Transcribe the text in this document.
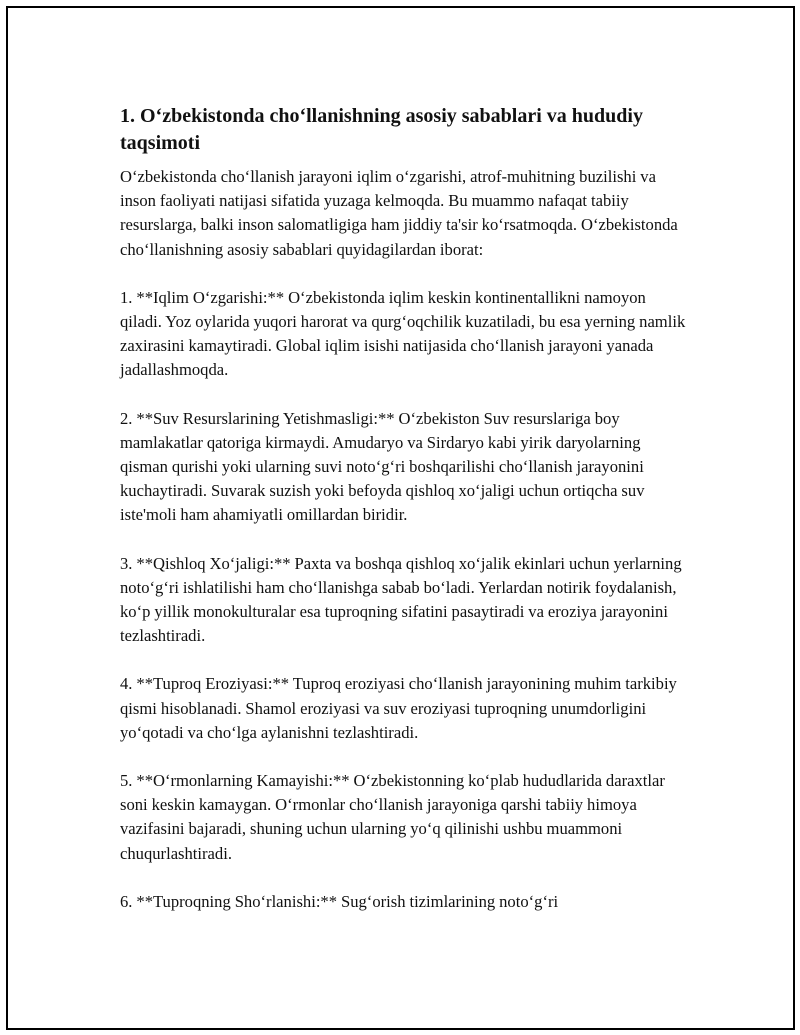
1. O‘zbekistonda cho‘llanishning asosiy sabablari va hududiy taqsimoti

O‘zbekistonda cho‘llanish jarayoni iqlim o‘zgarishi, atrof-muhitning buzilishi va inson faoliyati natijasi sifatida yuzaga kelmoqda. Bu muammo nafaqat tabiiy resurslarga, balki inson salomatligiga ham jiddiy ta'sir ko‘rsatmoqda. O‘zbekistonda cho‘llanishning asosiy sabablari quyidagilardan iborat:

1. **Iqlim O‘zgarishi:** O‘zbekistonda iqlim keskin kontinentallikni namoyon qiladi. Yoz oylarida yuqori harorat va qurg‘oqchilik kuzatiladi, bu esa yerning namlik zaxirasini kamaytiradi. Global iqlim isishi natijasida cho‘llanish jarayoni yanada jadallashmoqda.

2. **Suv Resurslarining Yetishmasligi:** O‘zbekiston Suv resurslariga boy mamlakatlar qatoriga kirmaydi. Amudaryo va Sirdaryo kabi yirik daryolarning qisman qurishi yoki ularning suvi noto‘g‘ri boshqarilishi cho‘llanish jarayonini kuchaytiradi. Suvarak suzish yoki befoyda qishloq xo‘jaligi uchun ortiqcha suv iste'moli ham ahamiyatli omillardan biridir.

3. **Qishloq Xo‘jaligi:** Paxta va boshqa qishloq xo‘jalik ekinlari uchun yerlarning noto‘g‘ri ishlatilishi ham cho‘llanishga sabab bo‘ladi. Yerlardan notirik foydalanish, ko‘p yillik monokulturalar esa tuproqning sifatini pasaytiradi va eroziya jarayonini tezlashtiradi.

4. **Tuproq Eroziyasi:** Tuproq eroziyasi cho‘llanish jarayonining muhim tarkibiy qismi hisoblanadi. Shamol eroziyasi va suv eroziyasi tuproqning unumdorligini yo‘qotadi va cho‘lga aylanishni tezlashtiradi.

5. **O‘rmonlarning Kamayishi:** O‘zbekistonning ko‘plab hududlarida daraxtlar soni keskin kamaygan. O‘rmonlar cho‘llanish jarayoniga qarshi tabiiy himoya vazifasini bajaradi, shuning uchun ularning yo‘q qilinishi ushbu muammoni chuqurlashtiradi.

6. **Tuproqning Sho‘rlanishi:** Sug‘orish tizimlarining noto‘g‘ri
